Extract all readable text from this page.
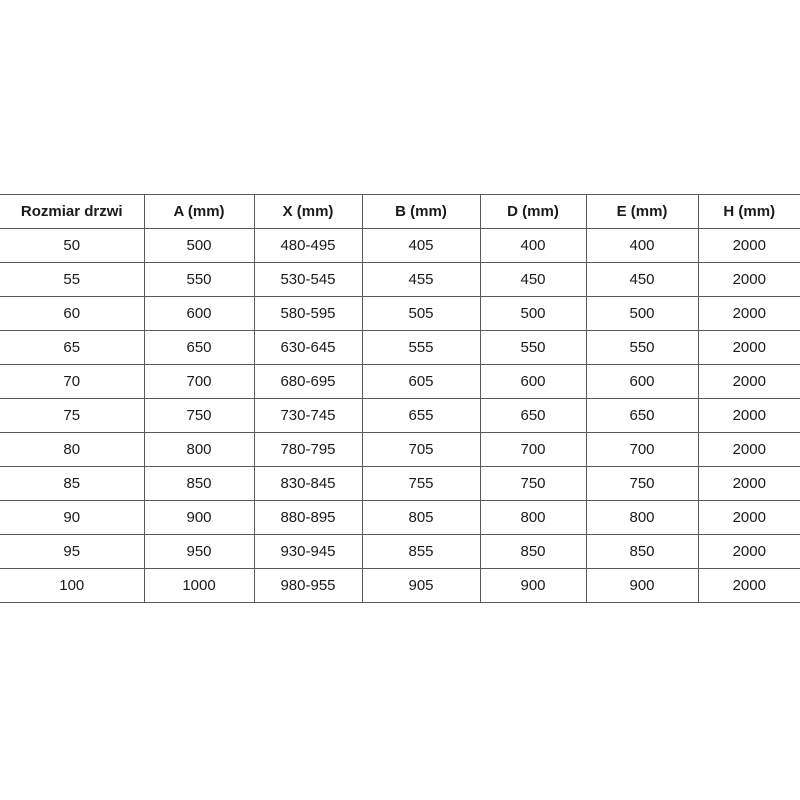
Rozmiar drzwi	A (mm)	X (mm)	B (mm)	D (mm)	E (mm)	H (mm)
50	500	480-495	405	400	400	2000
55	550	530-545	455	450	450	2000
60	600	580-595	505	500	500	2000
65	650	630-645	555	550	550	2000
70	700	680-695	605	600	600	2000
75	750	730-745	655	650	650	2000
80	800	780-795	705	700	700	2000
85	850	830-845	755	750	750	2000
90	900	880-895	805	800	800	2000
95	950	930-945	855	850	850	2000
100	1000	980-955	905	900	900	2000
